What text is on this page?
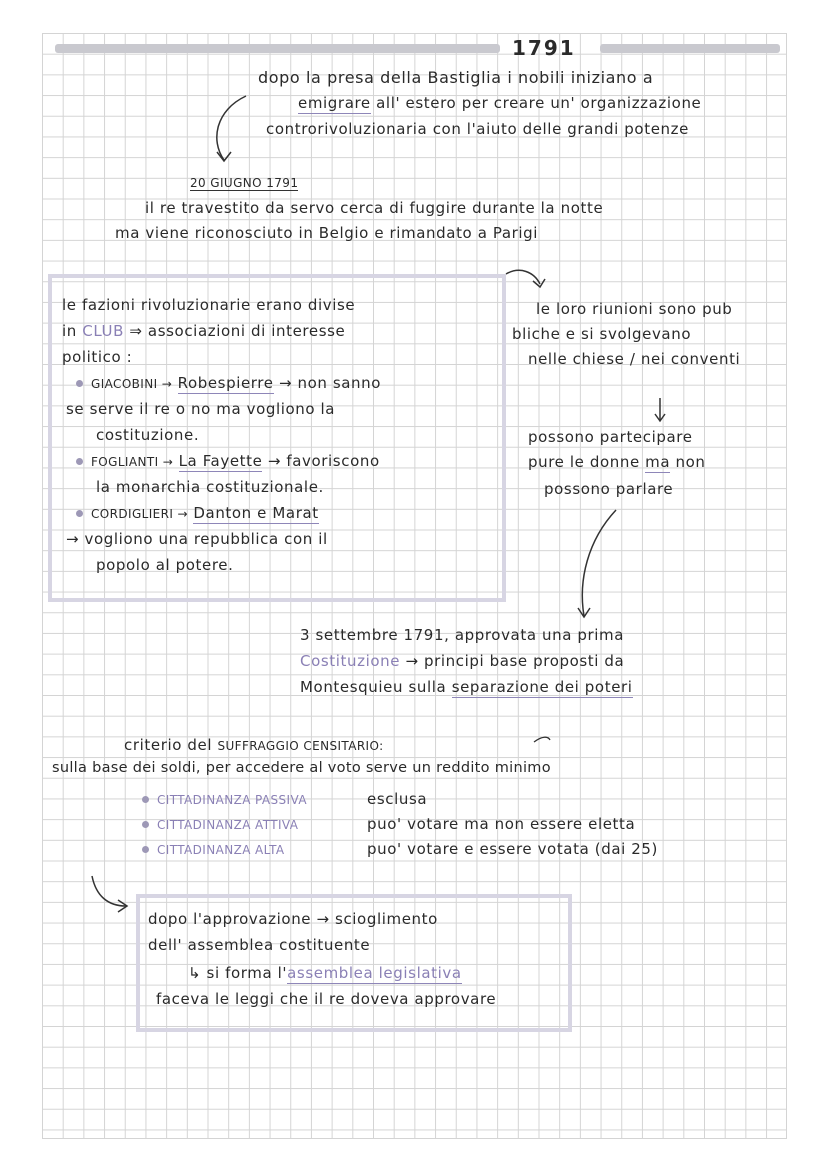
1791
dopo la presa della Bastiglia i nobili iniziano a
emigrare all' estero per creare un' organizzazione
controrivoluzionaria con l'aiuto delle grandi potenze
20 GIUGNO 1791
il re travestito da servo cerca di fuggire durante la notte
ma viene riconosciuto in Belgio e rimandato a Parigi
le fazioni rivoluzionarie erano divise
in CLUB ⇒ associazioni di interesse
politico :
GIACOBINI → Robespierre → non sanno
se serve il re o no ma vogliono la
costituzione.
FOGLIANTI → La Fayette → favoriscono
la monarchia costituzionale.
CORDIGLIERI → Danton e Marat
→ vogliono una repubblica con il
popolo al potere.
le loro riunioni sono pub
bliche e si svolgevano
nelle chiese / nei conventi
possono partecipare
pure le donne ma non
possono parlare
3 settembre 1791, approvata una prima
Costituzione → principi base proposti da
Montesquieu sulla separazione dei poteri
criterio del SUFFRAGGIO CENSITARIO:
sulla base dei soldi, per accedere al voto serve un reddito minimo
CITTADINANZA PASSIVA	esclusa
CITTADINANZA ATTIVA	puo' votare ma non essere eletta
CITTADINANZA ALTA	puo' votare e essere votata (dai 25)
dopo l'approvazione → scioglimento
dell' assemblea costituente
↳ si forma l'assemblea legislativa
faceva le leggi che il re doveva approvare
